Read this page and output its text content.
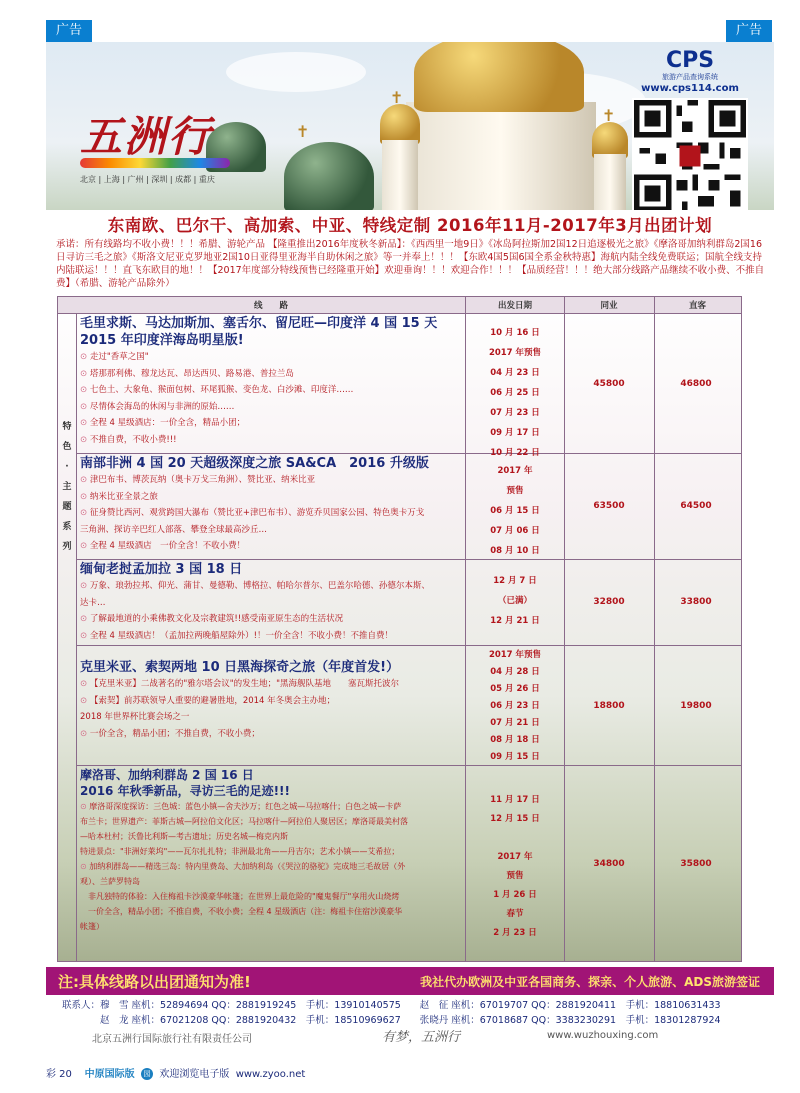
广告	广告
✝
✝
✝
五洲行
北京 | 上海 | 广州 | 深圳 | 成都 | 重庆
CPS
旅游产品查询系统
www.cps114.com
东南欧、巴尔干、高加索、中亚、特线定制 2016年11月-2017年3月出团计划
承诺：所有线路均不收小费！！！希腊、游轮产品 【隆重推出2016年度秋冬新品】：《西西里一地9日》《冰岛阿拉斯加2国12日追逐极光之旅》《摩洛哥加纳利群岛2国16日寻访三毛之旅》《斯洛文尼亚克罗地亚2国10日亚得里亚海半自助休闲之旅》等一并奉上！！！【东欧4国5国6国全系金秋特惠】海航内陆全线免费联运；国航全线支持内陆联运！！！直飞东欧目的地！！【2017年度部分特线预售已经隆重开始】欢迎垂询！！！欢迎合作！！！【品质经营！！！绝大部分线路产品继续不收小费、不推自费】（希腊、游轮产品除外）
线　　路	出发日期	同业	直客
特
色
·
主
题
系
列
毛里求斯、马达加斯加、塞舌尔、留尼旺—印度洋 4 国 15 天
2015 年印度洋海岛明星版!
⊙ 走过"香草之国"
⊙ 塔那那利佛、穆龙达瓦、昂达西贝、路易港、普拉兰岛
⊙ 七色土、大象龟、猴面包树、环尾狐猴、变色龙、白沙滩、印度洋……
⊙ 尽情体会海岛的休闲与非洲的原始……
⊙ 全程 4 星级酒店：一价全含，精品小团；
⊙ 不推自费，不收小费!!!
10 月 16 日
2017 年预售
04 月 23 日
06 月 25 日
07 月 23 日
09 月 17 日
10 月 22 日
45800	46800
南部非洲 4 国 20 天超级深度之旅 SA&CA　2016 升级版
⊙ 津巴布韦、博茨瓦纳（奥卡万戈三角洲）、赞比亚、纳米比亚
⊙ 纳米比亚全景之旅
⊙ 征身赞比西河、观赏跨国大瀑布（赞比亚+津巴布韦）、游览乔贝国家公园、特色奥卡万戈
三角洲、探访辛巴红人部落、攀登全球最高沙丘…
⊙ 全程 4 星级酒店　一价全含！不收小费！
2017 年
预售
06 月 15 日
07 月 06 日
08 月 10 日
63500	64500
缅甸老挝孟加拉 3 国 18 日
⊙ 万象、琅勃拉邦、仰光、蒲甘、曼德勒、博格拉、帕哈尔普尔、巴盖尔哈德、孙德尔本斯、
达卡…
⊙ 了解最地道的小乘佛教文化及宗教建筑!!感受南亚原生态的生活状况
⊙ 全程 4 星级酒店！（孟加拉两晚船屋除外）!！一价全含！不收小费！不推自费！
12 月 7 日
（已满）
12 月 21 日
32800	33800
克里米亚、索契两地 10 日黑海探奇之旅（年度首发!）
⊙ 【克里米亚】二战著名的"雅尔塔会议"的发生地；"黑海舰队基地　　塞瓦斯托波尔
⊙ 【索契】前苏联领导人重要的避暑胜地，2014 年冬奥会主办地；
2018 年世界杯比赛会场之一
⊙ 一价全含，精品小团；不推自费，不收小费；
2017 年预售
04 月 28 日
05 月 26 日
06 月 23 日
07 月 21 日
08 月 18 日
09 月 15 日
18800	19800
摩洛哥、加纳利群岛 2 国 16 日
2016 年秋季新品，寻访三毛的足迹!!!
⊙ 摩洛哥深度探访：三色城：蓝色小镇—舍夫沙万；红色之城—马拉喀什；白色之城—卡萨
布兰卡；世界遗产：菲斯古城—阿拉伯文化区；马拉喀什—阿拉伯人聚居区；摩洛哥最美村落
—哈本杜村；沃鲁比利斯—考古遗址；历史名城—梅克内斯
特进景点："非洲好莱坞"——瓦尔扎扎特；非洲最北角——丹吉尔；艺术小镇——艾希拉；
⊙ 加纳利群岛——精选三岛：特内里费岛、大加纳利岛（《哭泣的骆驼》完成地三毛故居（外
观）、兰萨罗特岛
　非凡独特的体验：入住梅祖卡沙漠豪华帐篷；在世界上最危险的"魔鬼餐厅"享用火山烧烤
　一价全含，精品小团；不推自费，不收小费；全程 4 星级酒店（注：梅祖卡住宿沙漠豪华
帐篷）
11 月 17 日
12 月 15 日

2017 年
预售
1 月 26 日
春节
2 月 23 日
34800	35800
注:具体线路以出团通知为准!	我社代办欧洲及中亚各国商务、探亲、个人旅游、ADS旅游签证
联系人：穆　雪 座机：52894694 QQ：2881919245　手机：13910140575　　赵　征 座机：67019707 QQ：2881920411　手机：18810631433
　　　　赵　龙 座机：67021208 QQ：2881920432　手机：18510969627　　张晓丹 座机：67018687 QQ：3383230291　手机：18301287924
北京五洲行国际旅行社有限责任公司	有梦，五洲行	www.wuzhouxing.com
彩 20 中原国际版 园 欢迎浏览电子版 www.zyoo.net
